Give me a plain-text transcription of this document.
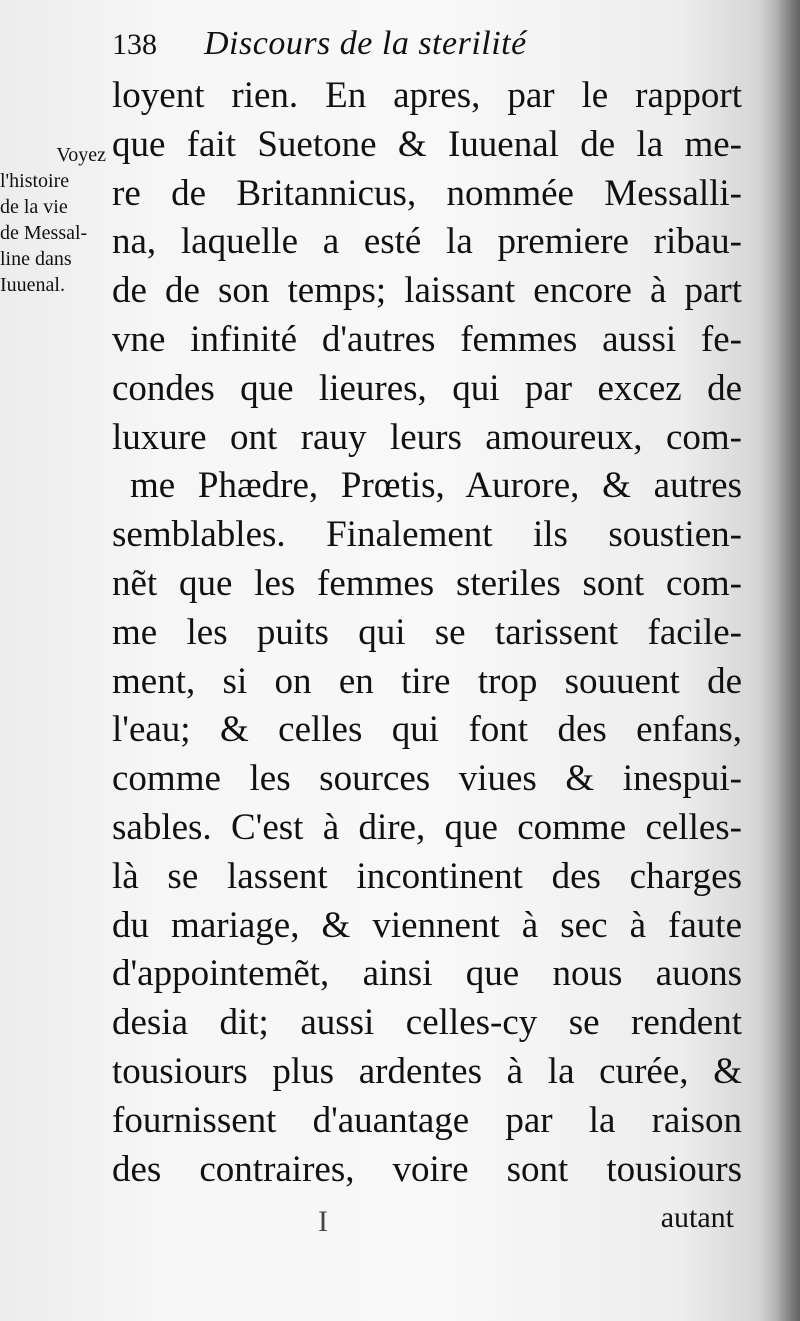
138 Discours de la sterilité
Voyez
l'histoire
de la vie
de Messal-
line dans
Iuuenal.
loyent rien. En apres, par le rapport
que fait Suetone & Iuuenal de la me-
re de Britannicus, nommée Messalli-
na, laquelle a esté la premiere ribau-
de de son temps; laissant encore à part
vne infinité d'autres femmes aussi fe-
condes que lieures, qui par excez de
luxure ont rauy leurs amoureux, com-
me Phædre, Prœtis, Aurore, & autres
semblables. Finalement ils soustien-
nẽt que les femmes steriles sont com-
me les puits qui se tarissent facile-
ment, si on en tire trop souuent de
l'eau; & celles qui font des enfans,
comme les sources viues & inespui-
sables. C'est à dire, que comme celles-
là se lassent incontinent des charges
du mariage, & viennent à sec à faute
d'appointemẽt, ainsi que nous auons
desia dit; aussi celles-cy se rendent
tousiours plus ardentes à la curée, &
fournissent d'auantage par la raison
des contraires, voire sont tousiours
I	autant
